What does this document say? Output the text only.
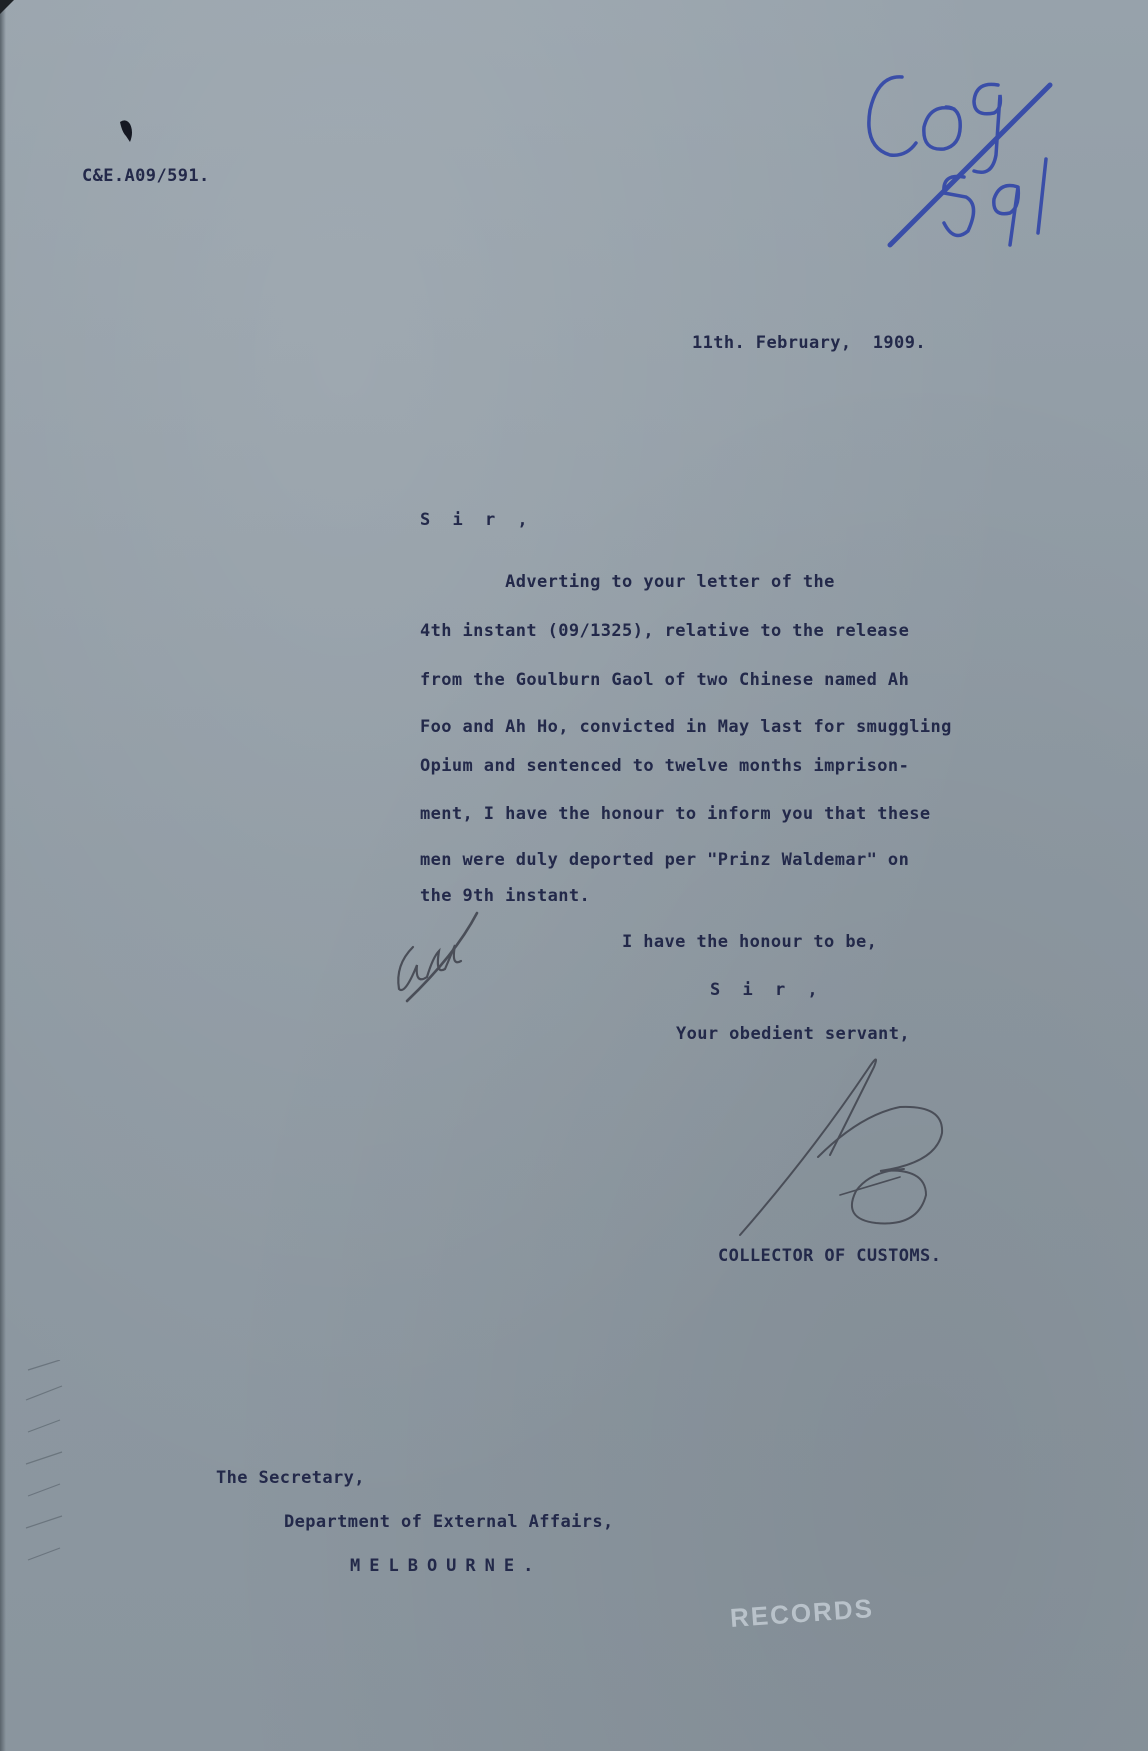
C&E.A09/591.
11th. February,  1909.
S i r ,
Adverting to your letter of the
4th instant (09/1325), relative to the release
from the Goulburn Gaol of two Chinese named Ah
Foo and Ah Ho, convicted in May last for smuggling
Opium and sentenced to twelve months imprison-
ment, I have the honour to inform you that these
men were duly deported per "Prinz Waldemar" on
the 9th instant.
I have the honour to be,
S i r ,
Your obedient servant,
COLLECTOR OF CUSTOMS.
The Secretary,
Department of External Affairs,
MELBOURNE.
RECORDS
